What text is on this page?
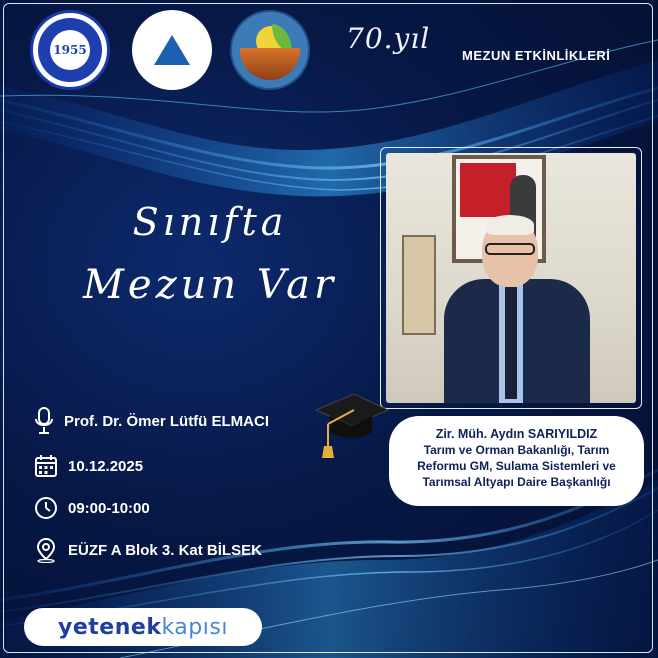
1955	70.yıl
MEZUN ETKİNLİKLERİ
Sınıfta
Mezun Var
Zir. Müh. Aydın SARIYILDIZ
Tarım ve Orman Bakanlığı, Tarım Reformu GM, Sulama Sistemleri ve Tarımsal Altyapı Daire Başkanlığı
Prof. Dr. Ömer Lütfü ELMACI
10.12.2025
09:00-10:00
EÜZF A Blok 3. Kat BİLSEK
yetenek kapısı
